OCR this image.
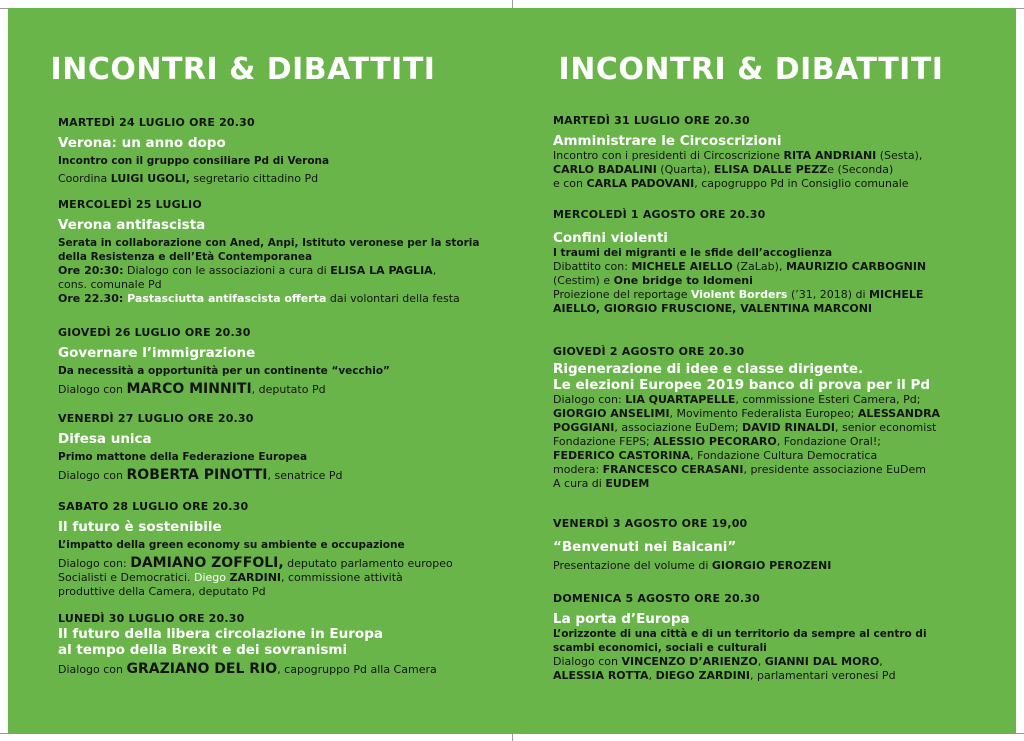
INCONTRI & DIBATTITI
MARTEDÌ 24 LUGLIO ORE 20.30
Verona: un anno dopo
Incontro con il gruppo consiliare Pd di Verona
Coordina LUIGI UGOLI, segretario cittadino Pd
MERCOLEDÌ 25 LUGLIO
Verona antifascista
Serata in collaborazione con Aned, Anpi, Istituto veronese per la storia della Resistenza e dell’Età Contemporanea
Ore 20:30: Dialogo con le associazioni a cura di ELISA LA PAGLIA,
cons. comunale Pd
Ore 22.30: Pastasciutta antifascista offerta dai volontari della festa
GIOVEDÌ 26 LUGLIO ORE 20.30
Governare l’immigrazione
Da necessità a opportunità per un continente “vecchio”
Dialogo con MARCO MINNITI, deputato Pd
VENERDÌ 27 LUGLIO ORE 20.30
Difesa unica
Primo mattone della Federazione Europea
Dialogo con ROBERTA PINOTTI, senatrice Pd
SABATO 28 LUGLIO ORE 20.30
Il futuro è sostenibile
L’impatto della green economy su ambiente e occupazione
Dialogo con: DAMIANO ZOFFOLI, deputato parlamento europeo
Socialisti e Democratici. Diego ZARDINI, commissione attività
produttive della Camera, deputato Pd
LUNEDÌ 30 LUGLIO ORE 20.30
Il futuro della libera circolazione in Europa
al tempo della Brexit e dei sovranismi
Dialogo con GRAZIANO DEL RIO, capogruppo Pd alla Camera
INCONTRI & DIBATTITI
MARTEDÌ 31 LUGLIO ORE 20.30
Amministrare le Circoscrizioni
Incontro con i presidenti di Circoscrizione RITA ANDRIANI (Sesta),
CARLO BADALINI (Quarta), ELISA DALLE PEZZe (Seconda)
e con CARLA PADOVANI, capogruppo Pd in Consiglio comunale
MERCOLEDÌ 1 AGOSTO ORE 20.30
Confini violenti
I traumi dei migranti e le sfide dell’accoglienza
Dibattito con: MICHELE AIELLO (ZaLab), MAURIZIO CARBOGNIN
(Cestim) e One bridge to Idomeni
Proiezione del reportage Violent Borders (’31, 2018) di MICHELE
AIELLO, GIORGIO FRUSCIONE, VALENTINA MARCONI
GIOVEDÌ 2 AGOSTO ORE 20.30
Rigenerazione di idee e classe dirigente.
Le elezioni Europee 2019 banco di prova per il Pd
Dialogo con: LIA QUARTAPELLE, commissione Esteri Camera, Pd;
GIORGIO ANSELIMI, Movimento Federalista Europeo; ALESSANDRA
POGGIANI, associazione EuDem; DAVID RINALDI, senior economist
Fondazione FEPS; ALESSIO PECORARO, Fondazione Oral!;
FEDERICO CASTORINA, Fondazione Cultura Democratica
modera: FRANCESCO CERASANI, presidente associazione EuDem
A cura di EUDEM
VENERDÌ 3 AGOSTO ORE 19,00
“Benvenuti nei Balcani”
Presentazione del volume di GIORGIO PEROZENI
DOMENICA 5 AGOSTO ORE 20.30
La porta d’Europa
L’orizzonte di una città e di un territorio da sempre al centro di
scambi economici, sociali e culturali
Dialogo con VINCENZO D’ARIENZO, GIANNI DAL MORO,
ALESSIA ROTTA, DIEGO ZARDINI, parlamentari veronesi Pd
